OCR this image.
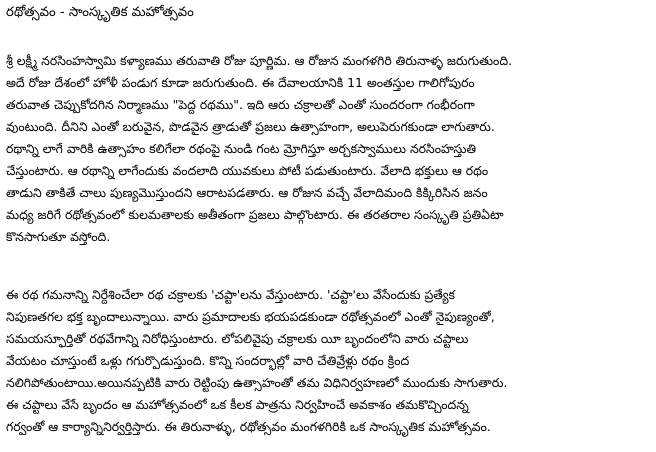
రథోత్సవం - సాంస్కృతిక మహోత్సవం
శ్రీ లక్ష్మీ నరసింహస్వామి కళ్యాణము తరువాతి రోజు పూర్ణిమ. ఆ రోజున మంగళగిరి తిరునాళ్ళ జరుగుతుంది.
అదే రోజు దేశంలో హోళీ పండుగ కూడా జరుగుతుంది. ఈ దేవాలయానికి 11 అంతస్తుల గాలిగోపురం
తరువాత చెప్పుకోదగిన నిర్మాణము "పెద్ద రథము". ఇది ఆరు చక్రాలతో ఎంతో సుందరంగా గంభీరంగా
వుంటుంది. దీనిని ఎంతో బరువైన, పొడవైన త్రాడుతో ప్రజలు ఉత్సాహంగా, అలుపెరుగకుండా లాగుతారు.
రథాన్ని లాగే వారికి ఉత్సాహం కలిగేలా రథంపై నుండి గంట మ్రోగిస్తూ అర్చకస్వాములు నరసింహస్తుతి
చేస్తుంటారు. ఆ రథాన్ని లాగేందుకు వందలాది యువకులు పోటీ పడుతుంటారు. వేలాది భక్తులు ఆ రథం
తాడుని తాకితే చాలు పుణ్యమొస్తుందని ఆరాటపడతారు. ఆ రోజున వచ్చే వేలాదిమంది కిక్కిరిసిన జనం
మధ్య జరిగే రథోత్సవంలో కులమతాలకు అతీతంగా ప్రజలు పాల్గొంటారు. ఈ తరతరాల సంస్కృతి ప్రతిఏటా
కొనసాగుతూ వస్తోంది.
ఈ రథ గమనాన్ని నిర్దేశించేలా రథ చక్రాలకు 'చప్టా'లను వేస్తుంటారు. 'చప్టా'లు వేసేందుకు ప్రత్యేక
నిపుణతగల భక్త బృందాలున్నాయి. వారు ప్రమాదాలకు భయపడకుండా రథోత్సవంలో ఎంతో నైపుణ్యంతో,
సమయస్ఫూర్తితో రథవేగాన్ని నిరోధిస్తుంటారు. లోపలివైపు చక్రాలకు యీ బృందంలోని వారు చప్టాలు
వేయటం చూస్తుంటే ఒళ్లు గగుర్పొడుస్తుంది. కొన్ని సందర్భాల్లో వారి చేతివ్రేళ్లు రథం క్రింద
నలిగిపోతుంటాయి.అయినప్పటికి వారు రెట్టింపు ఉత్సాహంతో తమ విధినిర్వహణలో ముందుకు సాగుతారు.
ఈ చప్టాలు వేసే బృందం ఆ మహోత్సవంలో ఒక కీలక పాత్రను నిర్వహించే అవకాశం తమకొచ్చిందన్న
గర్వంతో ఆ కార్యాన్నినిర్వర్తిస్తారు. ఈ తిరునాళ్ళు, రథోత్సవం మంగళగిరికి ఒక సాంస్కృతిక మహోత్సవం.
